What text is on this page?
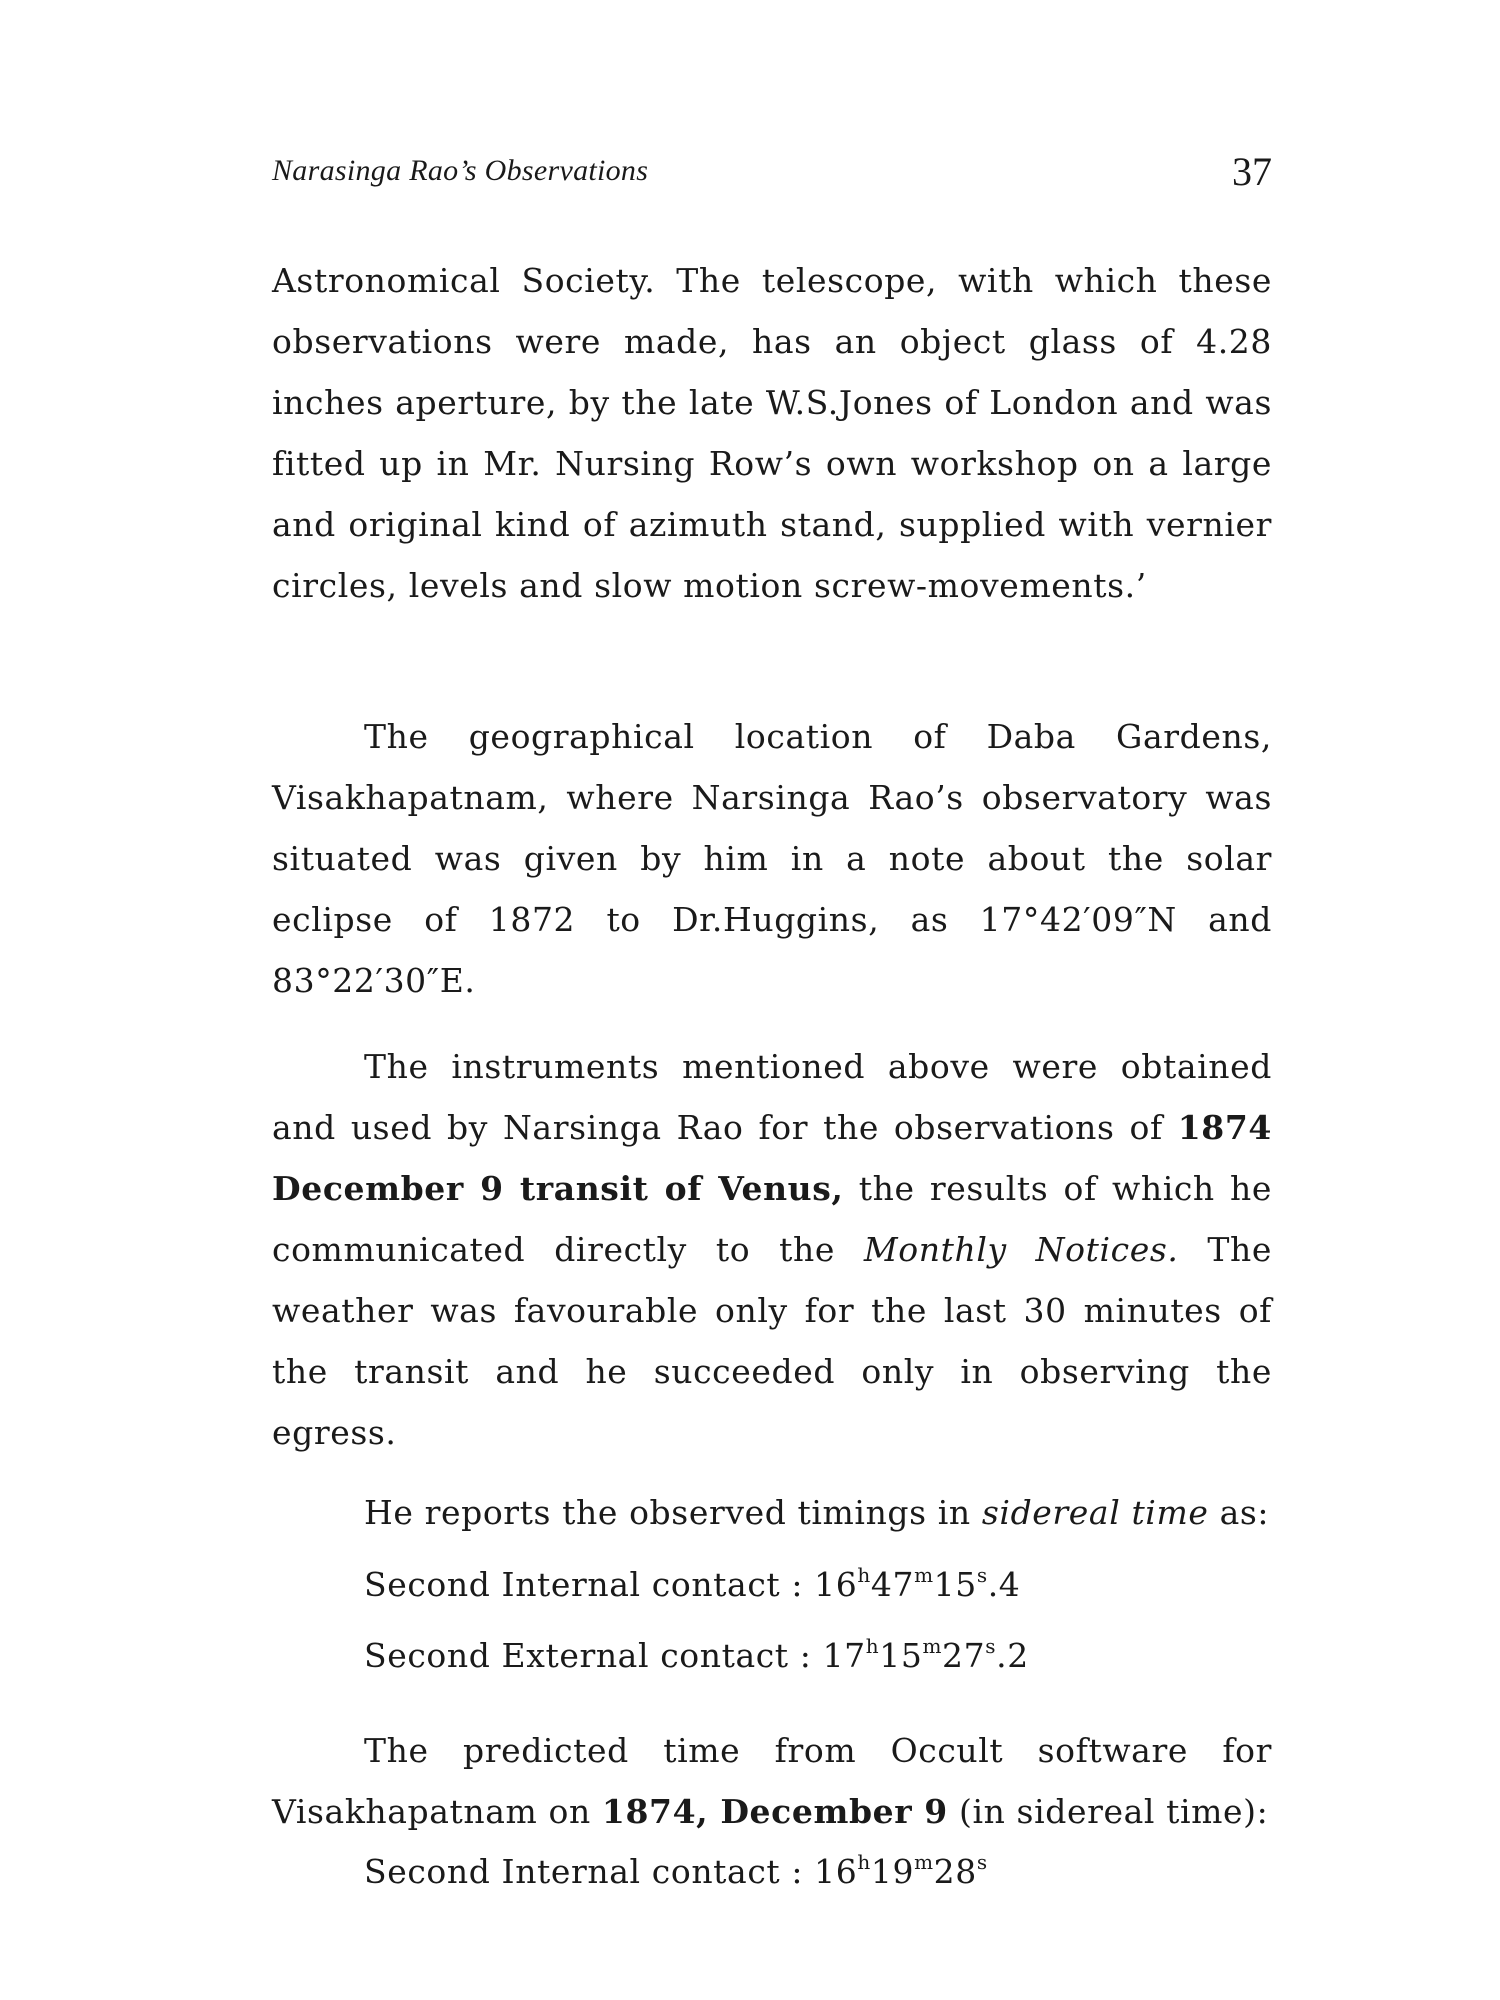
Narasinga Rao’s Observations	37

Astronomical Society. The telescope, with which these observations were made, has an object glass of 4.28 inches aperture, by the late W.S.Jones of London and was fitted up in Mr. Nursing Row’s own workshop on a large and original kind of azimuth stand, supplied with vernier circles, levels and slow motion screw-movements.’

The geographical location of Daba Gardens, Visakhapatnam, where Narsinga Rao’s observatory was situated was given by him in a note about the solar eclipse of 1872 to Dr.Huggins, as 17°42′09″N and 83°22′30″E.

The instruments mentioned above were obtained and used by Narsinga Rao for the observations of 1874 December 9 transit of Venus, the results of which he communicated directly to the Monthly Notices. The weather was favourable only for the last 30 minutes of the transit and he succeeded only in observing the egress.

He reports the observed timings in sidereal time as:

Second Internal contact : 16$^h$47$^m$15$^s$.4

Second External contact : 17$^h$15$^m$27$^s$.2

The predicted time from Occult software for Visakhapatnam on 1874, December 9 (in sidereal time):

Second Internal contact : 16$^h$19$^m$28$^s$
